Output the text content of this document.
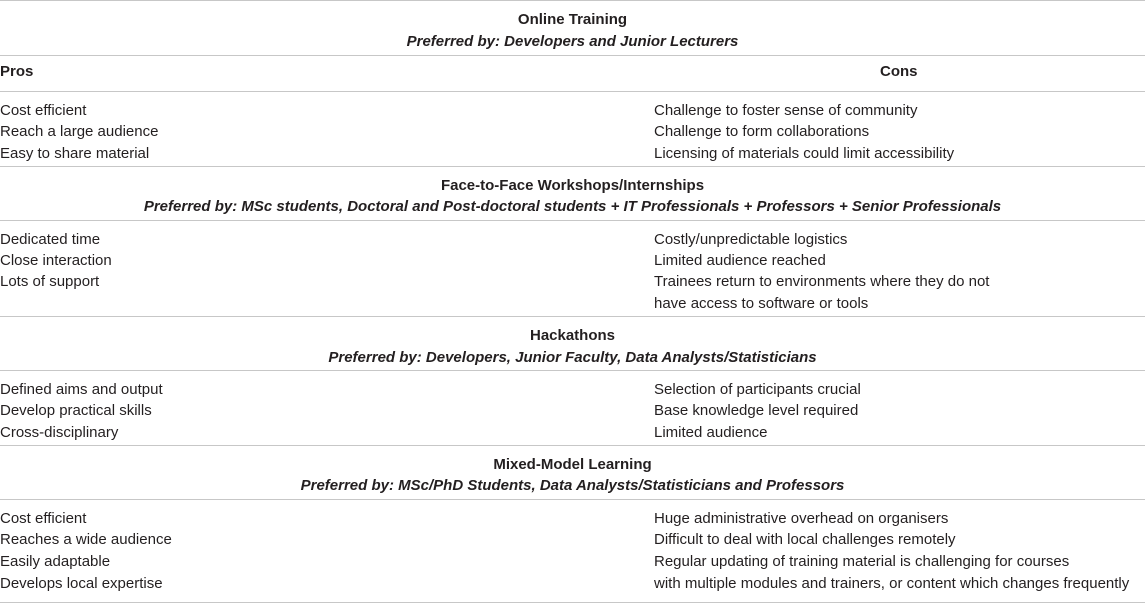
Online Training
Preferred by: Developers and Junior Lecturers
Pros	Cons
Cost efficient
Reach a large audience
Easy to share material
Challenge to foster sense of community
Challenge to form collaborations
Licensing of materials could limit accessibility
Face-to-Face Workshops/Internships
Preferred by: MSc students, Doctoral and Post-doctoral students + IT Professionals + Professors + Senior Professionals
Dedicated time
Close interaction
Lots of support
Costly/unpredictable logistics
Limited audience reached
Trainees return to environments where they do not
have access to software or tools
Hackathons
Preferred by: Developers, Junior Faculty, Data Analysts/Statisticians
Defined aims and output
Develop practical skills
Cross-disciplinary
Selection of participants crucial
Base knowledge level required
Limited audience
Mixed-Model Learning
Preferred by: MSc/PhD Students, Data Analysts/Statisticians and Professors
Cost efficient
Reaches a wide audience
Easily adaptable
Develops local expertise
Huge administrative overhead on organisers
Difficult to deal with local challenges remotely
Regular updating of training material is challenging for courses
with multiple modules and trainers, or content which changes frequently
